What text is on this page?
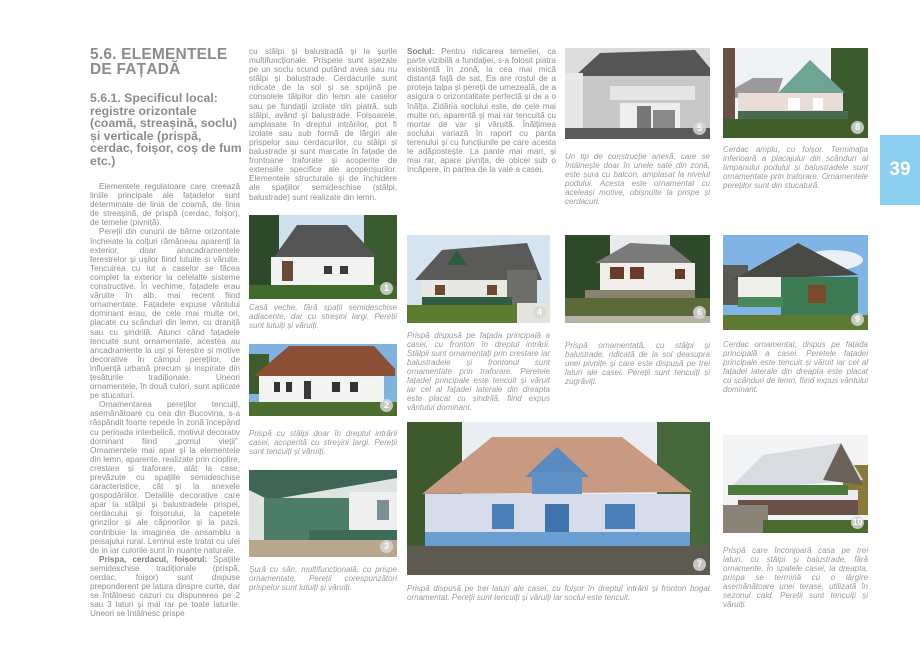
5.6. ELEMENTELE
DE FAȚADĂ
5.6.1. Specificul local: registre orizontale (coamă, streașină, soclu) și verticale (prispă, cerdac, foișor, coș de fum etc.)

Elementele regulatoare care creează liniile principale ale fațadelor sunt determinate de linia de coamă, de linia de streașină, de prispă (cerdac, foișor), de temelie (pivniță).

Pereții din cununi de bârne orizontale încheiate la colțuri rămâneau aparenți la exterior, doar anacadramentele ferestrelor și ușilor fiind lutuite și văruite. Tencuirea cu lut a caselor se făcea complet la exterior la celelalte sisteme constructive. În vechime, fațadele erau văruite în alb, mai recent fiind ornamentate. Fațadele expuse vântului dominant erau, de cele mai multe ori, placate cu scânduri din lemn, cu draniță sau cu șindrilă. Atunci când fațadele tencuite sunt ornamentate, acestea au ancadramente la uși și ferestre și motive decorative în câmpul pereților, de influență urbană precum și inspirate din țesăturile tradiționale. Uneori ornamentele, în două culori, sunt aplicate pe stucaturi.

Ornamentarea pereților tencuiți, asemănătoare cu cea din Bucovina, s-a răspândit foarte repede în zonă începând cu perioada interbelică, motivul decorativ dominant fiind „pomul vieții”. Ornamentele mai apar și la elementele din lemn, aparente, realizate prin cioplire, crestare și traforare, atât la case, prevăzute cu spațiile semideschise caracteristice, cât și la anexele gospodăriilor. Detaliile decorative care apar la stâlpii și balustradele prispei, cerdacului și foișorului, la capetele grinzilor și ale căpriorilor și la pazii, contribuie la imaginea de ansamblu a peisajului rural. Lemnul este tratat cu ulei de in iar culorile sunt în nuanțe naturale.

Prispa, cerdacul, foișorul: Spațiile semideschise tradiționale (prispă, cerdac, foișor) sunt dispuse preponderent pe latura dinspre curte, dar se întâlnesc cazuri cu dispunerea pe 2 sau 3 laturi și mai rar pe toate laturile. Uneori se întâlnesc prispe

cu stâlpi și balustradă și la șurile multifuncționale. Prispele sunt așezate pe un soclu scund putând avea sau nu stâlpi și balustrade. Cerdacurile sunt ridicate de la sol și se sprijină pe consolele tălpilor din lemn ale caselor sau pe fundații izolate din piatră, sub stâlpi, având și balustrade. Foișoarele, amplasate în dreptul intrărilor, pot fi izolate sau sub formă de lărgiri ale prispelor sau cerdacurilor, cu stâlpi și balustrade și sunt marcate în fațade de frontoane traforate și acoperite de extensiile specifice ale acoperișurilor. Elementele structurale și de închidere ale spațiilor semideschise (stâlpi, balustrade) sunt realizate din lemn.

1
Casă veche, fără spații semideschise adiacente, dar cu streșini largi. Pereții sunt lutuiți și văruiți.
2
Prispă cu stâlpi doar în dreptul intrării casei, acoperită cu streșini largi. Pereții sunt tencuiți și văruiți.
3
Șură cu sân, multifuncțională, cu prispe ornamentate. Pereții corespunzători prispelor sunt lutuiți și văruiți.

Soclul: Pentru ridicarea temeliei, ca parte vizibilă a fundației, s-a folosit piatra existentă în zonă, la cea mai mică distanță față de sat. Ea are rostul de a proteja talpa și pereții de umezeală, de a asigura o orizontalitate perfectă și de a o înălța. Zidăria soclului este, de cele mai multe ori, aparentă și mai rar tencuită cu mortar de var și văruită. Înălțimea soclului variază în raport cu panta terenului și cu funcțiunile pe care acesta le adăpostește. La pante mai mari, și mai rar, apare pivnița, de obicei sub o încăpere, în partea de la vale a casei.

4
Prispă dispusă pe fațada principală a casei, cu fronton în dreptul intrării. Stâlpii sunt ornamentați prin crestare iar balustradele și frontonul sunt ornamentate prin traforare. Peretele fațadei principale este tencuit și văruit iar cel al fațadei laterale din dreapta este placat cu șindrilă, fiind expus vântului dominant.
7
Prispă dispusă pe trei laturi ale casei, cu foișor în dreptul intrării și fronton bogat ornamentat. Pereții sunt tencuiți și văruiți iar soclul este tencuit.
5
Un tip de construcție anexă, care se întâlnește doar în unele sate din zonă, este șura cu balcon, amplasat la nivelul podului. Acesta este ornamentat cu aceleași motive, obișnuite la prispe și cerdacuri.
6
Prispă ornamentată, cu stâlpi și balustrade, ridicată de la sol deasupra unei pivnițe și care este dispusă pe trei laturi ale casei. Pereții sunt tencuiți și zugrăviți.
8
Cerdac amplu, cu foișor. Terminația inferioară a placajului din scânduri al timpanului podului și balustradele sunt ornamentate prin traforare. Ornamentele pereților sunt din stucatură.
9
Cerdac ornamentat, dispus pe fațada principală a casei. Peretele fațadei principale este tencuit și văruit iar cel al fațadei laterale din dreapta este placat cu scânduri de lemn, fiind expus vântului dominant.
10
Prispă care înconjoară casa pe trei laturi, cu stâlpi și balustrade, fără ornamente. În spatele casei, la dreapta, prispa se termină cu o lărgire asemănătoare unei terase, utilizată în sezonul cald. Pereții sunt tencuiți și văruiți.
39
